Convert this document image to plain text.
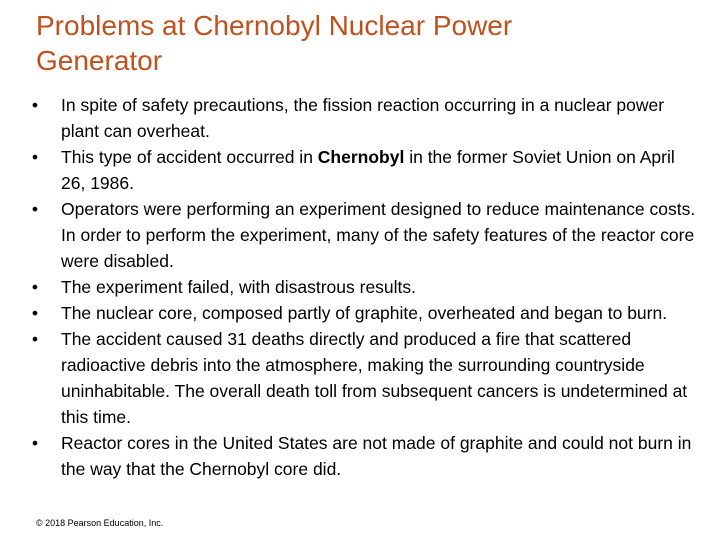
Problems at Chernobyl Nuclear Power
Generator
• In spite of safety precautions, the fission reaction occurring in a nuclear power plant can overheat.
• This type of accident occurred in Chernobyl in the former Soviet Union on April 26, 1986.
• Operators were performing an experiment designed to reduce maintenance costs. In order to perform the experiment, many of the safety features of the reactor core were disabled.
• The experiment failed, with disastrous results.
• The nuclear core, composed partly of graphite, overheated and began to burn.
• The accident caused 31 deaths directly and produced a fire that scattered radioactive debris into the atmosphere, making the surrounding countryside uninhabitable. The overall death toll from subsequent cancers is undetermined at this time.
• Reactor cores in the United States are not made of graphite and could not burn in the way that the Chernobyl core did.
© 2018 Pearson Education, Inc.
